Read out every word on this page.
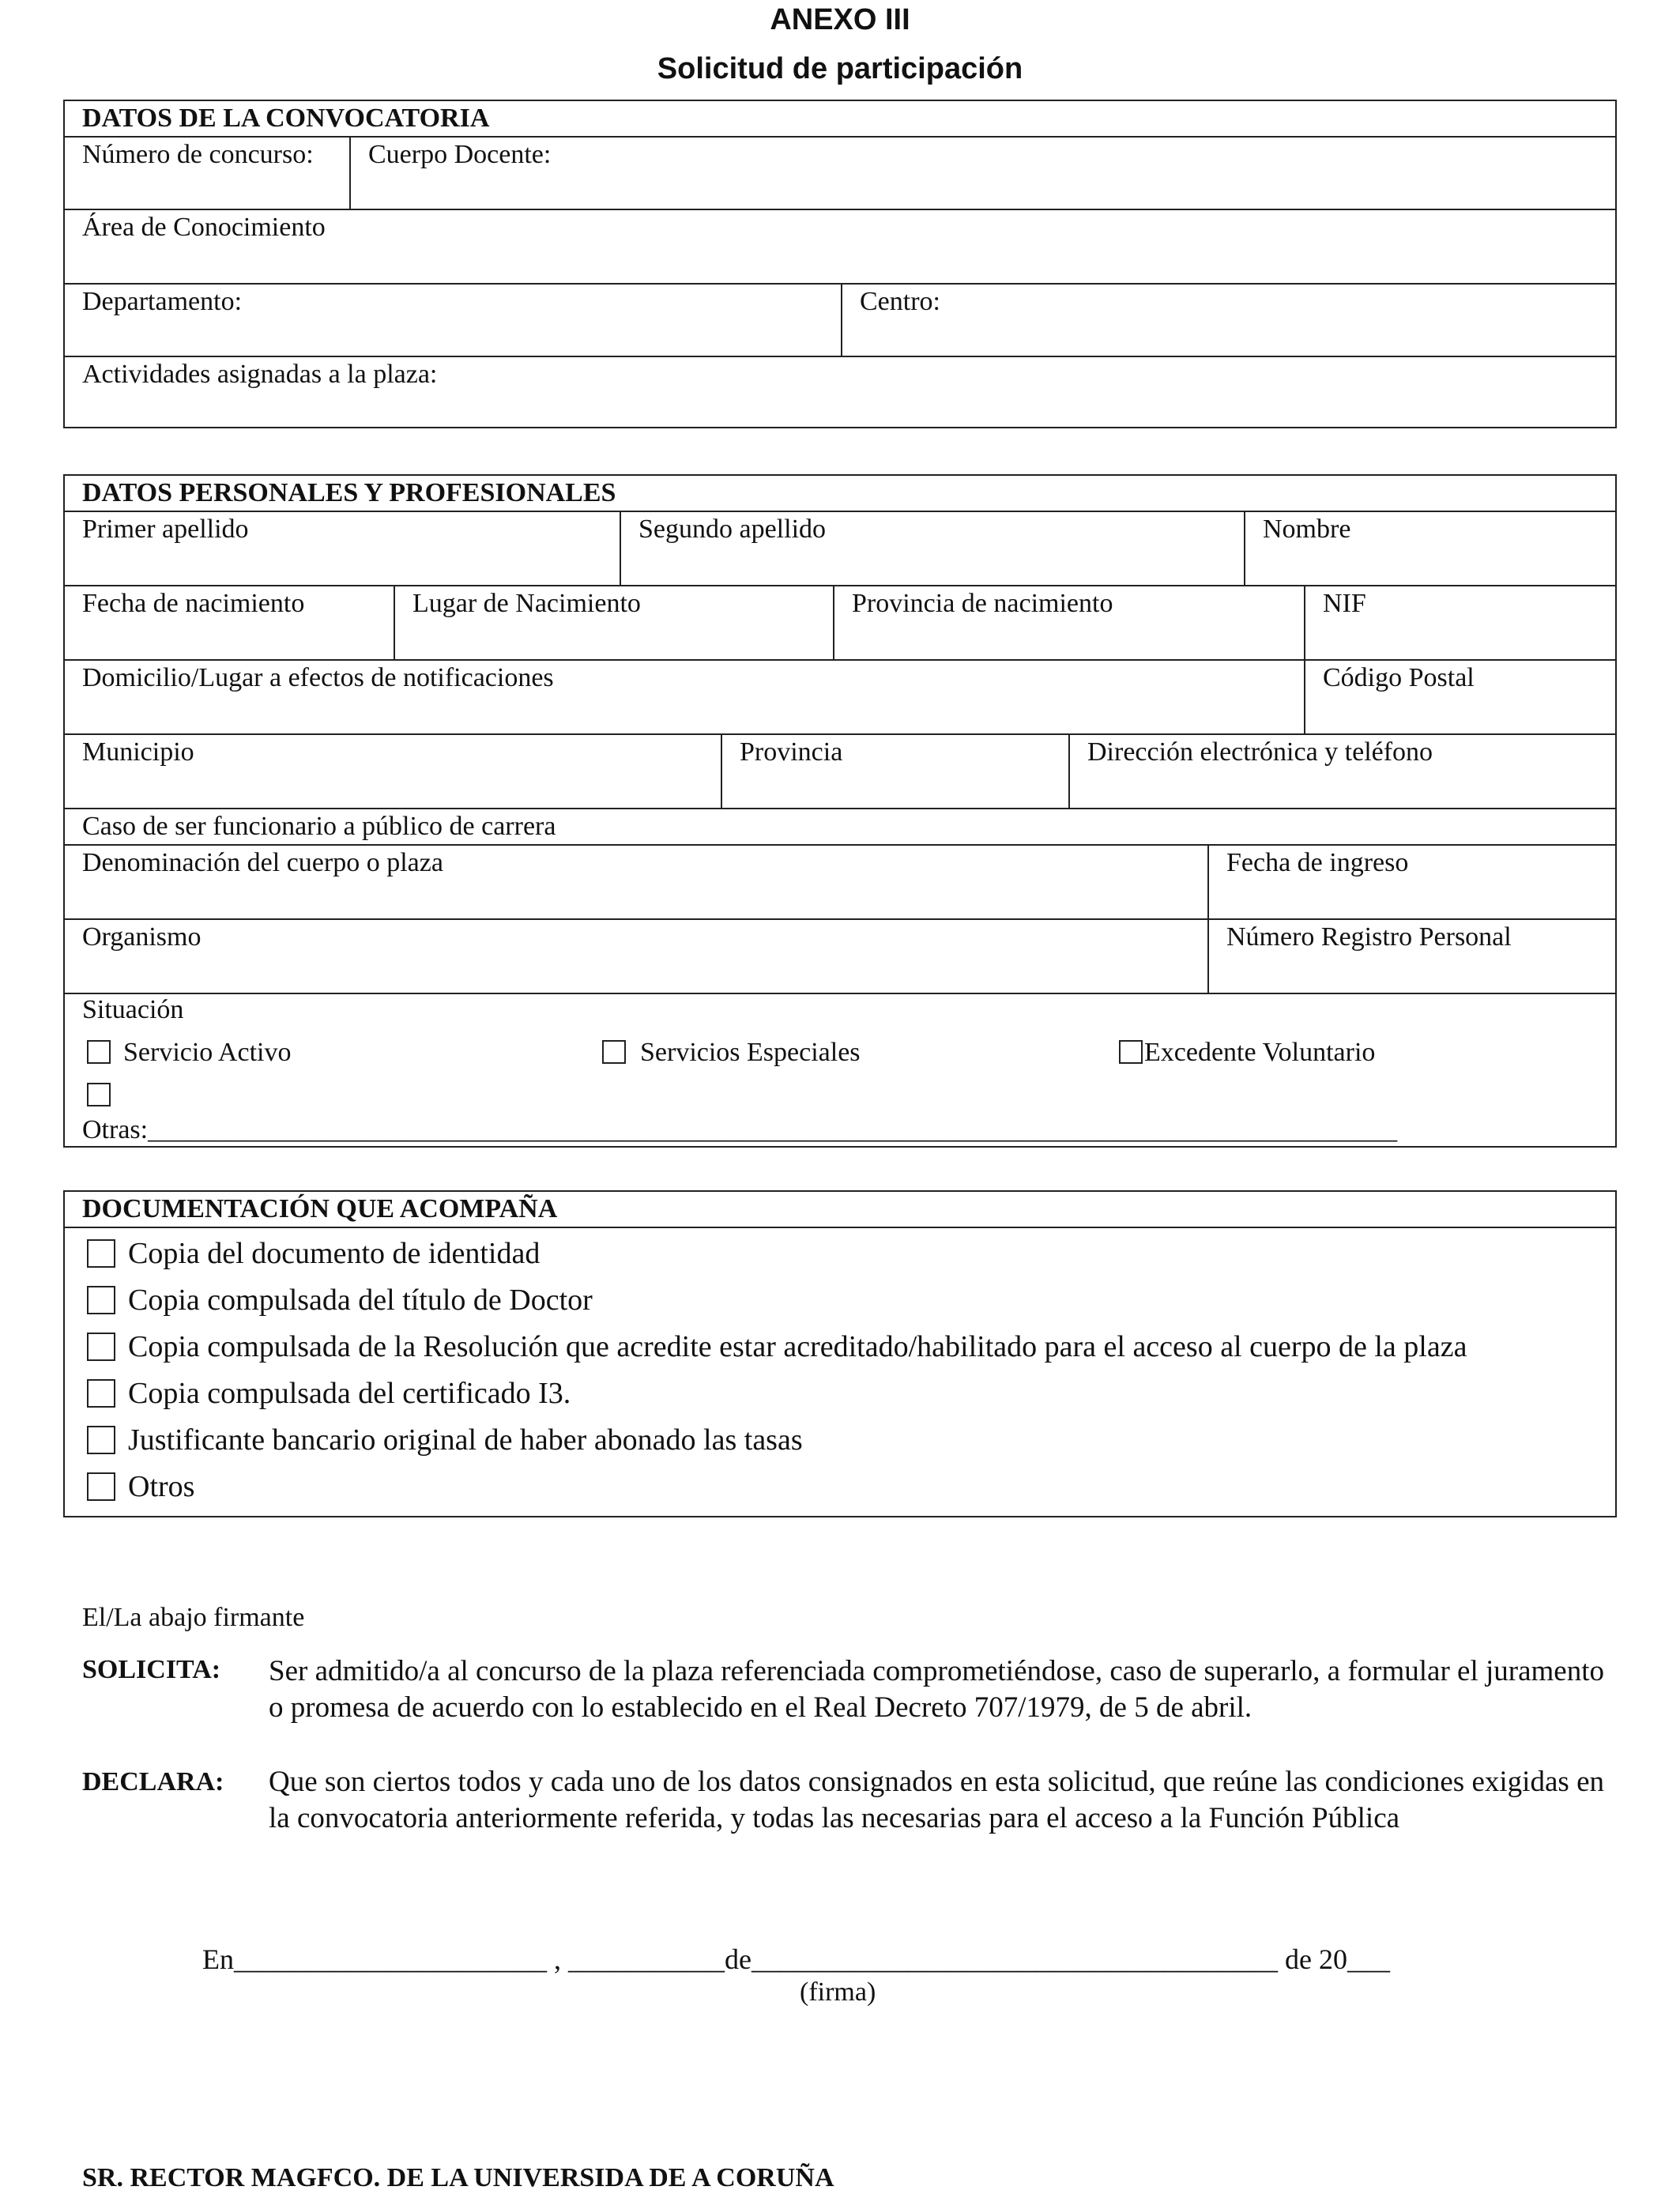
ANEXO III
Solicitud de participación
DATOS DE LA CONVOCATORIA
Número de concurso: Cuerpo Docente:
Área de Conocimiento
Departamento:	Centro:
Actividades asignadas a la plaza:
DATOS PERSONALES Y PROFESIONALES
Primer apellido	Segundo apellido	Nombre
Fecha de nacimiento	Lugar de Nacimiento	Provincia de nacimiento	NIF
Domicilio/Lugar a efectos de notificaciones	Código Postal
Municipio	Provincia	Dirección electrónica y teléfono
Caso de ser funcionario a público de carrera
Denominación del cuerpo o plaza	Fecha de ingreso
Organismo	Número Registro Personal
Situación
Servicio Activo	Servicios Especiales	Excedente Voluntario
Otras:_____________________________________________________________________________________________
DOCUMENTACIÓN QUE ACOMPAÑA
Copia del documento de identidad
Copia compulsada del título de Doctor
Copia compulsada de la Resolución que acredite estar acreditado/habilitado para el acceso al cuerpo de la plaza
Copia compulsada del certificado I3.
Justificante bancario original de haber abonado las tasas
Otros
El/La abajo firmante
SOLICITA: Ser admitido/a al concurso de la plaza referenciada comprometiéndose, caso de superarlo, a formular el juramento o promesa de acuerdo con lo establecido en el Real Decreto 707/1979, de 5 de abril.
DECLARA: Que son ciertos todos y cada uno de los datos consignados en esta solicitud, que reúne las condiciones exigidas en la convocatoria anteriormente referida, y todas las necesarias para el acceso a la Función Pública
En______________________ , ___________de_____________________________________ de 20___
(firma)
SR. RECTOR MAGFCO. DE LA UNIVERSIDA DE A CORUÑA
